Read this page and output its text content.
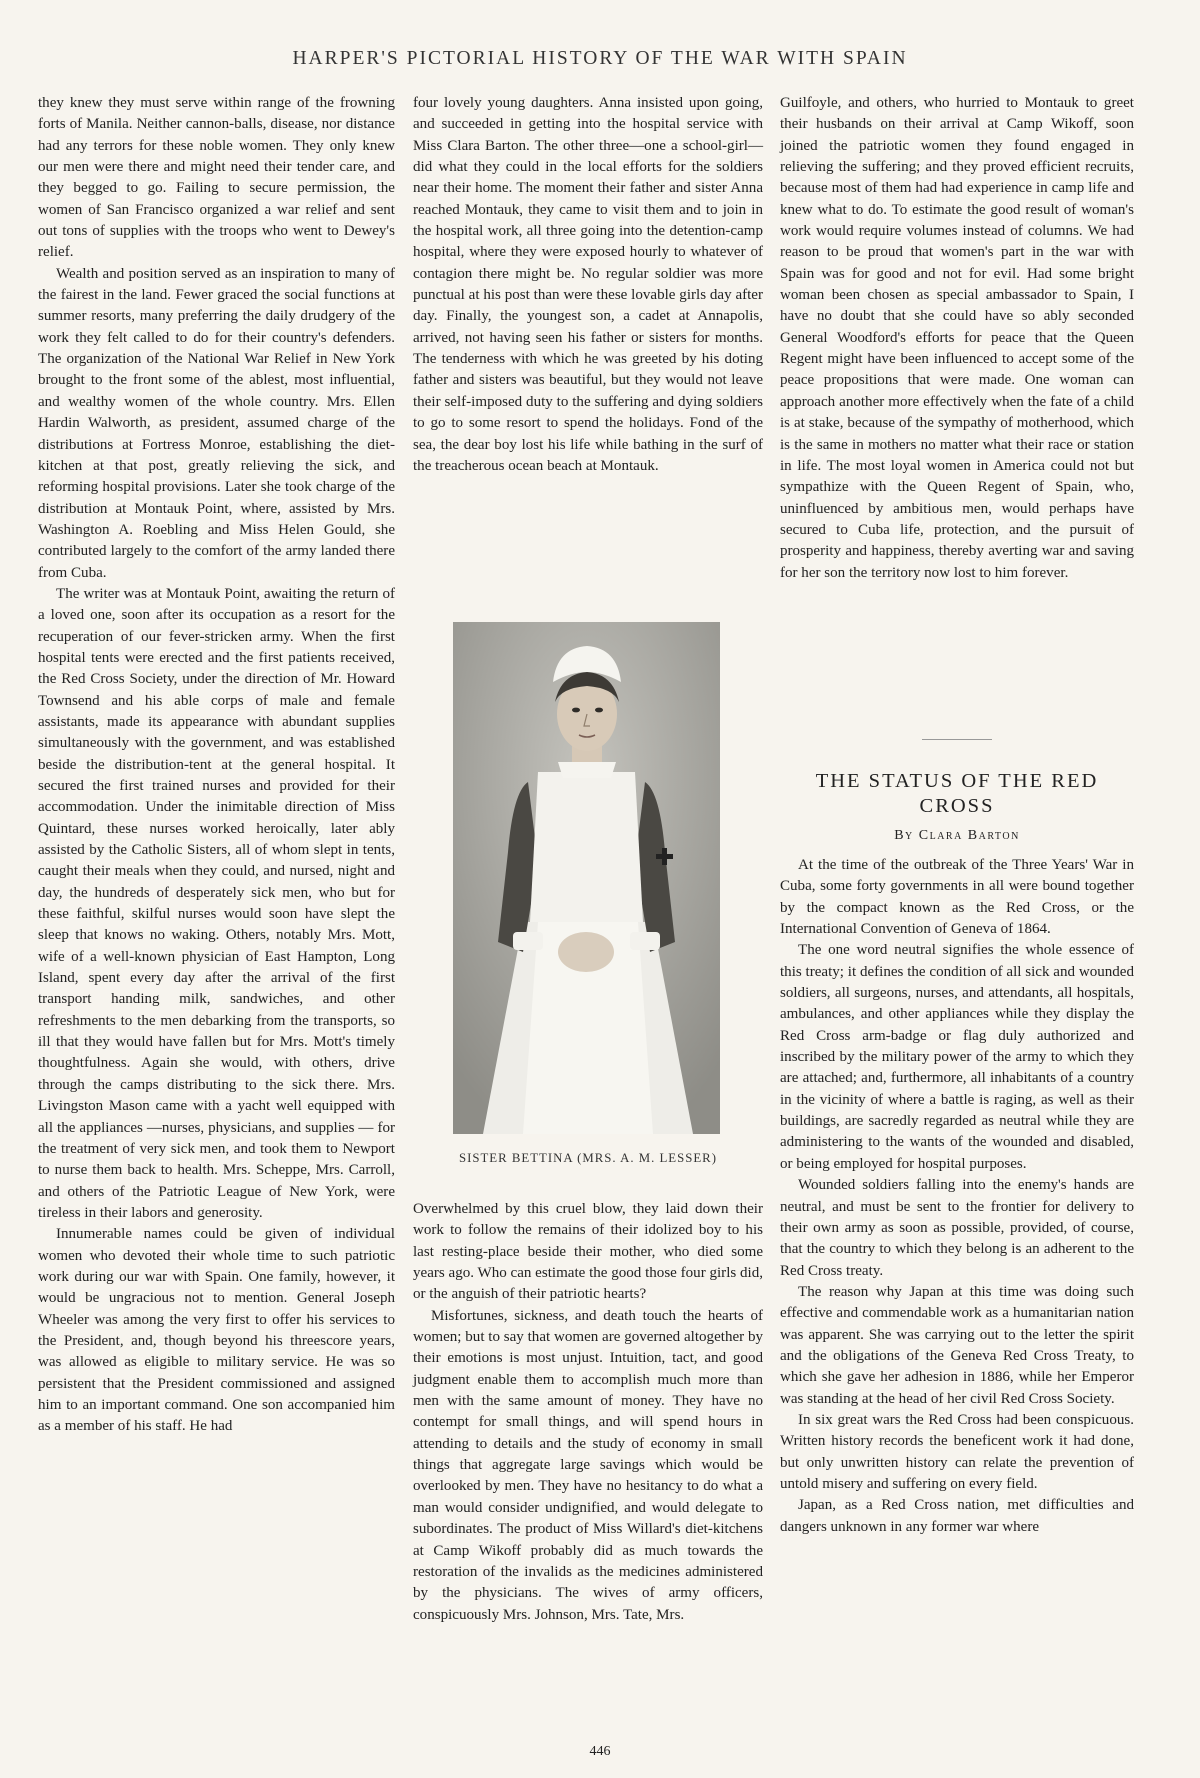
HARPER'S PICTORIAL HISTORY OF THE WAR WITH SPAIN

they knew they must serve within range of the frowning forts of Manila. Neither cannon-balls, disease, nor distance had any terrors for these noble women. They only knew our men were there and might need their tender care, and they begged to go. Failing to secure permission, the women of San Francisco organized a war relief and sent out tons of supplies with the troops who went to Dewey's relief.

Wealth and position served as an inspiration to many of the fairest in the land. Fewer graced the social functions at summer resorts, many preferring the daily drudgery of the work they felt called to do for their country's defenders. The organization of the National War Relief in New York brought to the front some of the ablest, most influential, and wealthy women of the whole country. Mrs. Ellen Hardin Walworth, as president, assumed charge of the distributions at Fortress Monroe, establishing the diet-kitchen at that post, greatly relieving the sick, and reforming hospital provisions. Later she took charge of the distribution at Montauk Point, where, assisted by Mrs. Washington A. Roebling and Miss Helen Gould, she contributed largely to the comfort of the army landed there from Cuba.

The writer was at Montauk Point, awaiting the return of a loved one, soon after its occupation as a resort for the recuperation of our fever-stricken army. When the first hospital tents were erected and the first patients received, the Red Cross Society, under the direction of Mr. Howard Townsend and his able corps of male and female assistants, made its appearance with abundant supplies simultaneously with the government, and was established beside the distribution-tent at the general hospital. It secured the first trained nurses and provided for their accommodation. Under the inimitable direction of Miss Quintard, these nurses worked heroically, later ably assisted by the Catholic Sisters, all of whom slept in tents, caught their meals when they could, and nursed, night and day, the hundreds of desperately sick men, who but for these faithful, skilful nurses would soon have slept the sleep that knows no waking. Others, notably Mrs. Mott, wife of a well-known physician of East Hampton, Long Island, spent every day after the arrival of the first transport handing milk, sandwiches, and other refreshments to the men debarking from the transports, so ill that they would have fallen but for Mrs. Mott's timely thoughtfulness. Again she would, with others, drive through the camps distributing to the sick there. Mrs. Livingston Mason came with a yacht well equipped with all the appliances —nurses, physicians, and supplies — for the treatment of very sick men, and took them to Newport to nurse them back to health. Mrs. Scheppe, Mrs. Carroll, and others of the Patriotic League of New York, were tireless in their labors and generosity.

Innumerable names could be given of individual women who devoted their whole time to such patriotic work during our war with Spain. One family, however, it would be ungracious not to mention. General Joseph Wheeler was among the very first to offer his services to the President, and, though beyond his threescore years, was allowed as eligible to military service. He was so persistent that the President commissioned and assigned him to an important command. One son accompanied him as a member of his staff. He had

four lovely young daughters. Anna insisted upon going, and succeeded in getting into the hospital service with Miss Clara Barton. The other three—one a school-girl—did what they could in the local efforts for the soldiers near their home. The moment their father and sister Anna reached Montauk, they came to visit them and to join in the hospital work, all three going into the detention-camp hospital, where they were exposed hourly to whatever of contagion there might be. No regular soldier was more punctual at his post than were these lovable girls day after day. Finally, the youngest son, a cadet at Annapolis, arrived, not having seen his father or sisters for months. The tenderness with which he was greeted by his doting father and sisters was beautiful, but they would not leave their self-imposed duty to the suffering and dying soldiers to go to some resort to spend the holidays. Fond of the sea, the dear boy lost his life while bathing in the surf of the treacherous ocean beach at Montauk.

SISTER BETTINA (MRS. A. M. LESSER)

Overwhelmed by this cruel blow, they laid down their work to follow the remains of their idolized boy to his last resting-place beside their mother, who died some years ago. Who can estimate the good those four girls did, or the anguish of their patriotic hearts?

Misfortunes, sickness, and death touch the hearts of women; but to say that women are governed altogether by their emotions is most unjust. Intuition, tact, and good judgment enable them to accomplish much more than men with the same amount of money. They have no contempt for small things, and will spend hours in attending to details and the study of economy in small things that aggregate large savings which would be overlooked by men. They have no hesitancy to do what a man would consider undignified, and would delegate to subordinates. The product of Miss Willard's diet-kitchens at Camp Wikoff probably did as much towards the restoration of the invalids as the medicines administered by the physicians. The wives of army officers, conspicuously Mrs. Johnson, Mrs. Tate, Mrs.

Guilfoyle, and others, who hurried to Montauk to greet their husbands on their arrival at Camp Wikoff, soon joined the patriotic women they found engaged in relieving the suffering; and they proved efficient recruits, because most of them had had experience in camp life and knew what to do. To estimate the good result of woman's work would require volumes instead of columns. We had reason to be proud that women's part in the war with Spain was for good and not for evil. Had some bright woman been chosen as special ambassador to Spain, I have no doubt that she could have so ably seconded General Woodford's efforts for peace that the Queen Regent might have been influenced to accept some of the peace propositions that were made. One woman can approach another more effectively when the fate of a child is at stake, because of the sympathy of motherhood, which is the same in mothers no matter what their race or station in life. The most loyal women in America could not but sympathize with the Queen Regent of Spain, who, uninfluenced by ambitious men, would perhaps have secured to Cuba life, protection, and the pursuit of prosperity and happiness, thereby averting war and saving for her son the territory now lost to him forever.

THE STATUS OF THE RED CROSS
By Clara Barton

At the time of the outbreak of the Three Years' War in Cuba, some forty governments in all were bound together by the compact known as the Red Cross, or the International Convention of Geneva of 1864.

The one word neutral signifies the whole essence of this treaty; it defines the condition of all sick and wounded soldiers, all surgeons, nurses, and attendants, all hospitals, ambulances, and other appliances while they display the Red Cross arm-badge or flag duly authorized and inscribed by the military power of the army to which they are attached; and, furthermore, all inhabitants of a country in the vicinity of where a battle is raging, as well as their buildings, are sacredly regarded as neutral while they are administering to the wants of the wounded and disabled, or being employed for hospital purposes.

Wounded soldiers falling into the enemy's hands are neutral, and must be sent to the frontier for delivery to their own army as soon as possible, provided, of course, that the country to which they belong is an adherent to the Red Cross treaty.

The reason why Japan at this time was doing such effective and commendable work as a humanitarian nation was apparent. She was carrying out to the letter the spirit and the obligations of the Geneva Red Cross Treaty, to which she gave her adhesion in 1886, while her Emperor was standing at the head of her civil Red Cross Society.

In six great wars the Red Cross had been conspicuous. Written history records the beneficent work it had done, but only unwritten history can relate the prevention of untold misery and suffering on every field.

Japan, as a Red Cross nation, met difficulties and dangers unknown in any former war where

446
